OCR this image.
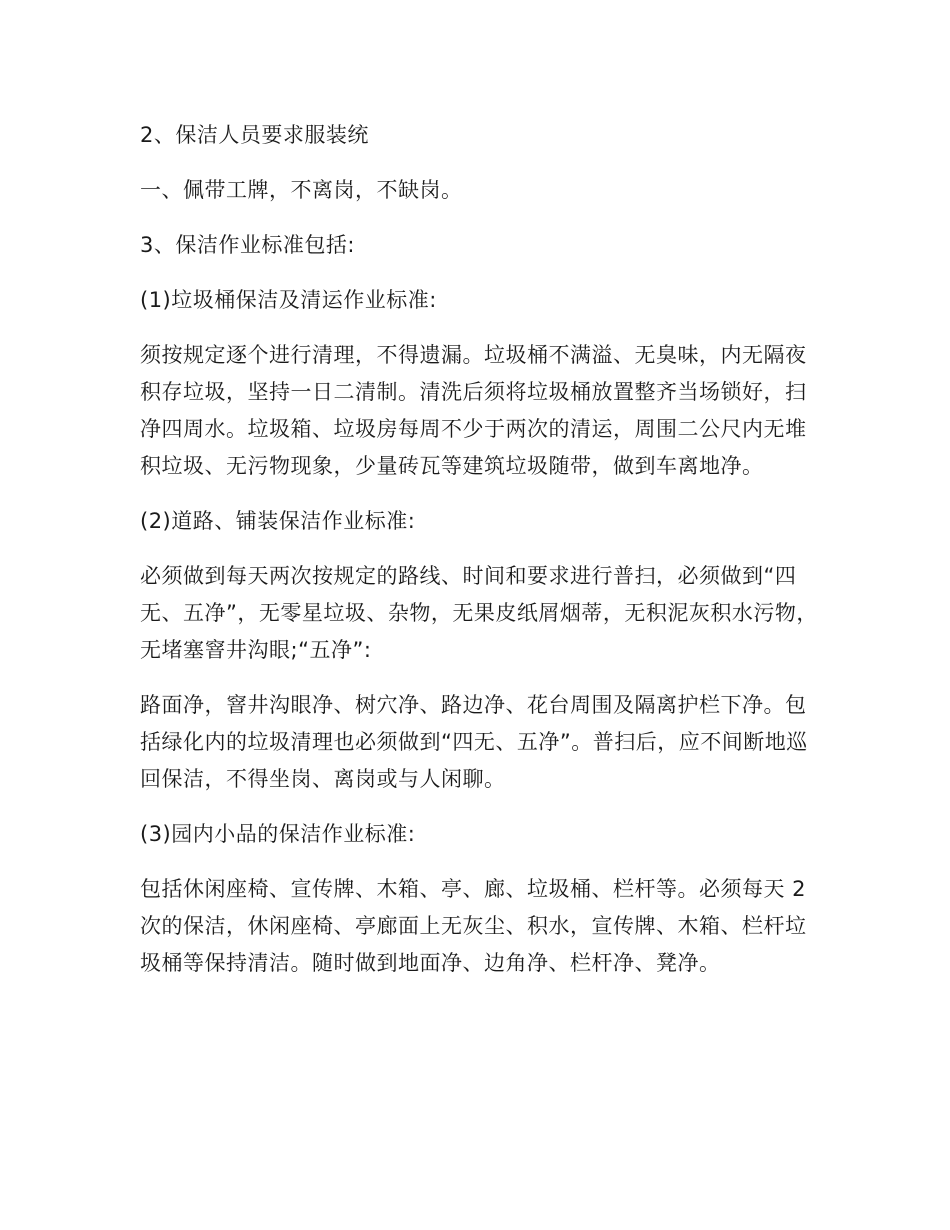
2、保洁人员要求服装统

一、佩带工牌，不离岗，不缺岗。

3、保洁作业标准包括:

(1)垃圾桶保洁及清运作业标准:

须按规定逐个进行清理，不得遗漏。垃圾桶不满溢、无臭味，内无隔夜积存垃圾，坚持一日二清制。清洗后须将垃圾桶放置整齐当场锁好，扫净四周水。垃圾箱、垃圾房每周不少于两次的清运，周围二公尺内无堆积垃圾、无污物现象，少量砖瓦等建筑垃圾随带，做到车离地净。

(2)道路、铺装保洁作业标准:

必须做到每天两次按规定的路线、时间和要求进行普扫，必须做到“四无、五净”，无零星垃圾、杂物，无果皮纸屑烟蒂，无积泥灰积水污物，无堵塞窨井沟眼;“五净”:

路面净，窨井沟眼净、树穴净、路边净、花台周围及隔离护栏下净。包括绿化内的垃圾清理也必须做到“四无、五净”。普扫后，应不间断地巡回保洁，不得坐岗、离岗或与人闲聊。

(3)园内小品的保洁作业标准:

包括休闲座椅、宣传牌、木箱、亭、廊、垃圾桶、栏杆等。必须每天 2 次的保洁，休闲座椅、亭廊面上无灰尘、积水，宣传牌、木箱、栏杆垃圾桶等保持清洁。随时做到地面净、边角净、栏杆净、凳净。
